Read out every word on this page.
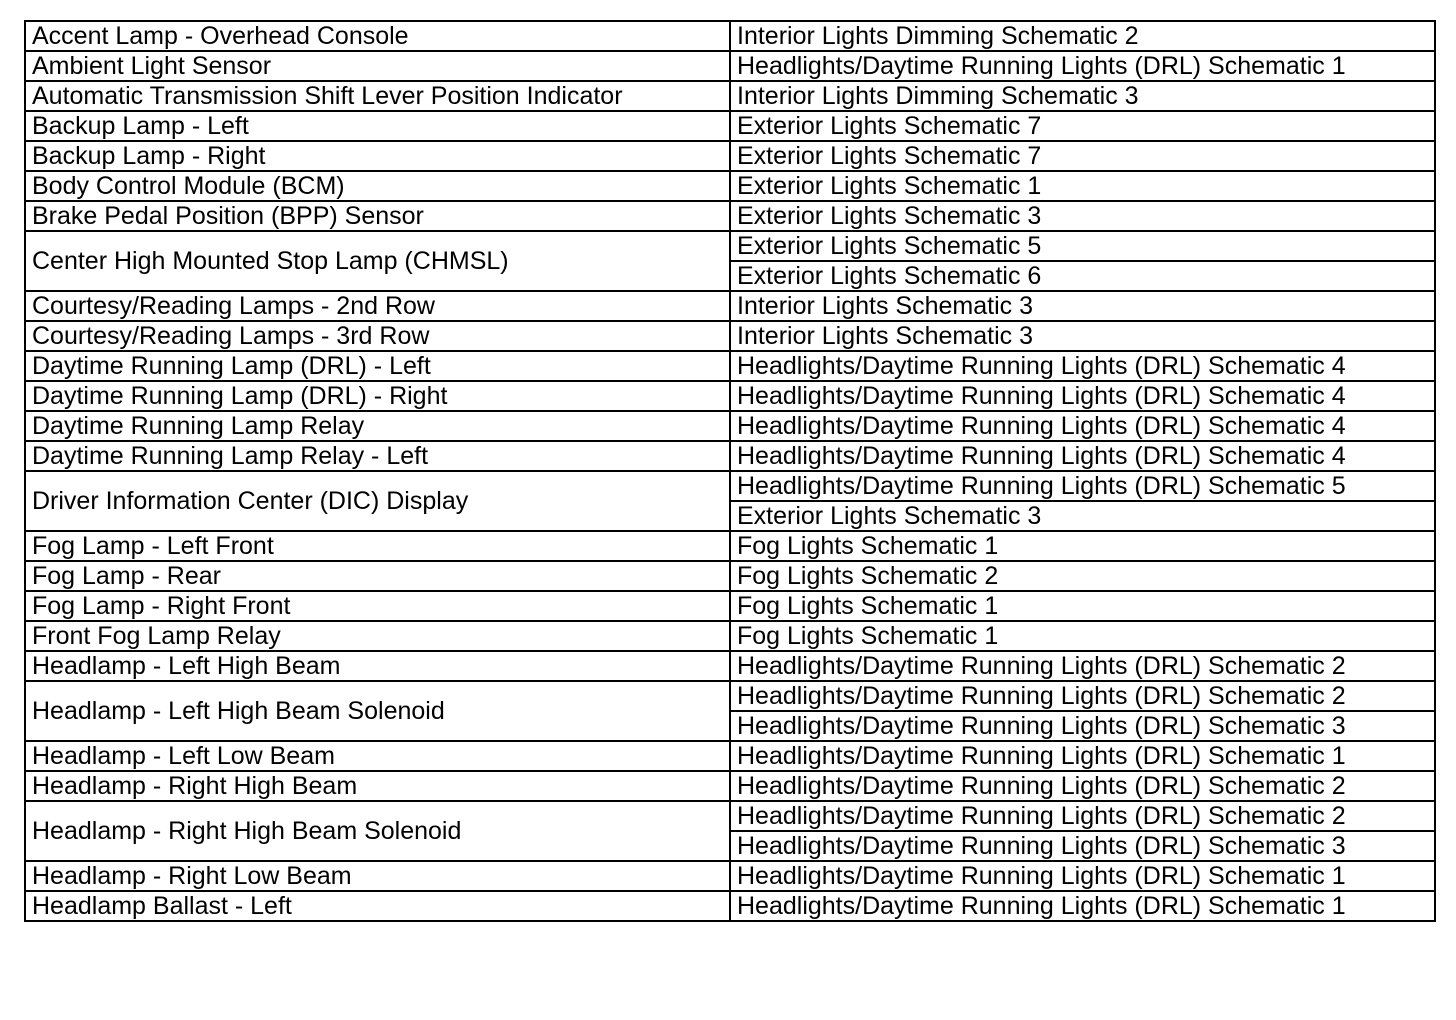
Accent Lamp - Overhead Console	Interior Lights Dimming Schematic 2
Ambient Light Sensor	Headlights/Daytime Running Lights (DRL) Schematic 1
Automatic Transmission Shift Lever Position Indicator	Interior Lights Dimming Schematic 3
Backup Lamp - Left	Exterior Lights Schematic 7
Backup Lamp - Right	Exterior Lights Schematic 7
Body Control Module (BCM)	Exterior Lights Schematic 1
Brake Pedal Position (BPP) Sensor	Exterior Lights Schematic 3
Center High Mounted Stop Lamp (CHMSL)	Exterior Lights Schematic 5
	Exterior Lights Schematic 6
Courtesy/Reading Lamps - 2nd Row	Interior Lights Schematic 3
Courtesy/Reading Lamps - 3rd Row	Interior Lights Schematic 3
Daytime Running Lamp (DRL) - Left	Headlights/Daytime Running Lights (DRL) Schematic 4
Daytime Running Lamp (DRL) - Right	Headlights/Daytime Running Lights (DRL) Schematic 4
Daytime Running Lamp Relay	Headlights/Daytime Running Lights (DRL) Schematic 4
Daytime Running Lamp Relay - Left	Headlights/Daytime Running Lights (DRL) Schematic 4
Driver Information Center (DIC) Display	Headlights/Daytime Running Lights (DRL) Schematic 5
	Exterior Lights Schematic 3
Fog Lamp - Left Front	Fog Lights Schematic 1
Fog Lamp - Rear	Fog Lights Schematic 2
Fog Lamp - Right Front	Fog Lights Schematic 1
Front Fog Lamp Relay	Fog Lights Schematic 1
Headlamp - Left High Beam	Headlights/Daytime Running Lights (DRL) Schematic 2
Headlamp - Left High Beam Solenoid	Headlights/Daytime Running Lights (DRL) Schematic 2
	Headlights/Daytime Running Lights (DRL) Schematic 3
Headlamp - Left Low Beam	Headlights/Daytime Running Lights (DRL) Schematic 1
Headlamp - Right High Beam	Headlights/Daytime Running Lights (DRL) Schematic 2
Headlamp - Right High Beam Solenoid	Headlights/Daytime Running Lights (DRL) Schematic 2
	Headlights/Daytime Running Lights (DRL) Schematic 3
Headlamp - Right Low Beam	Headlights/Daytime Running Lights (DRL) Schematic 1
Headlamp Ballast - Left	Headlights/Daytime Running Lights (DRL) Schematic 1
